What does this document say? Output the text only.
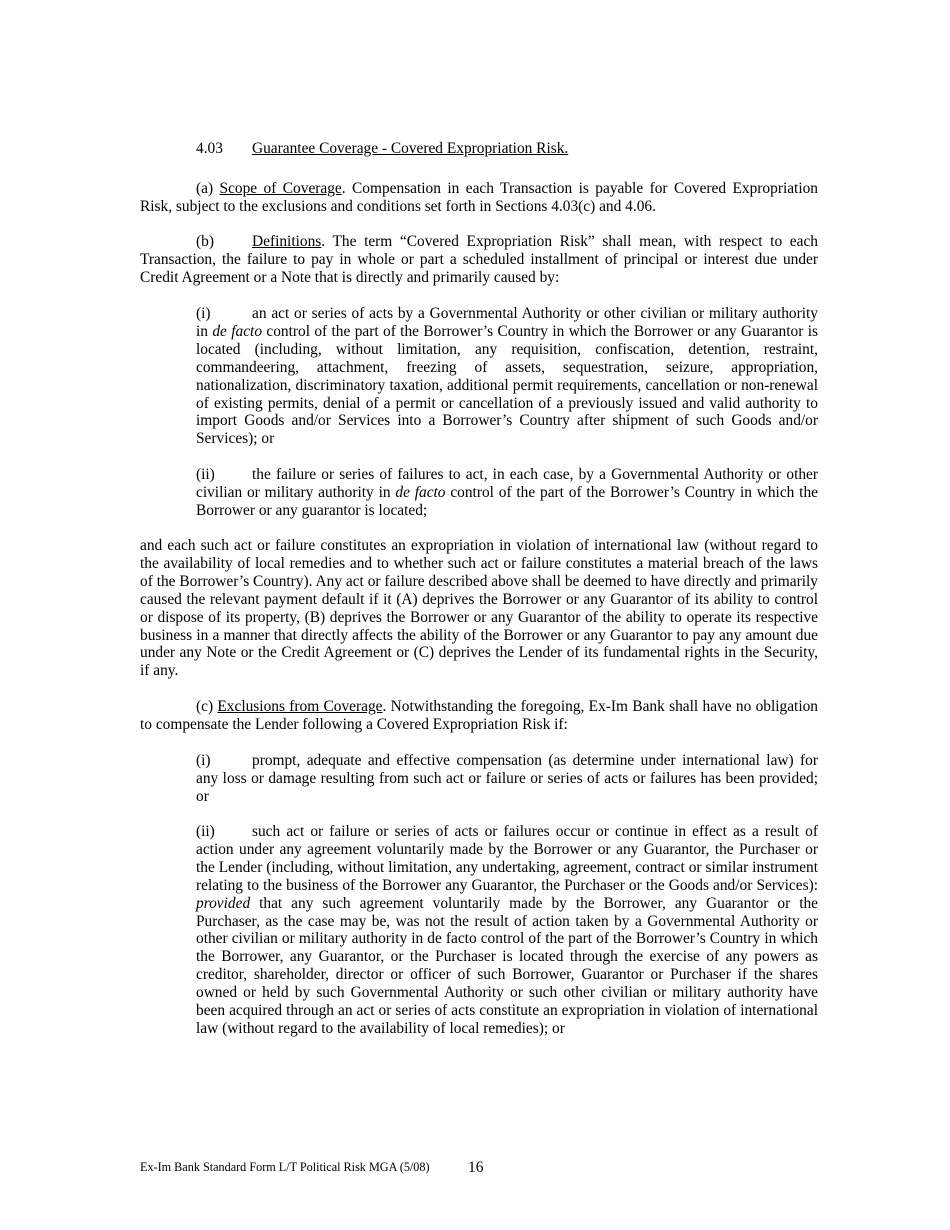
4.03 Guarantee Coverage - Covered Expropriation Risk.

(a) Scope of Coverage. Compensation in each Transaction is payable for Covered Expropriation Risk, subject to the exclusions and conditions set forth in Sections 4.03(c) and 4.06.

(b) Definitions. The term “Covered Expropriation Risk” shall mean, with respect to each Transaction, the failure to pay in whole or part a scheduled installment of principal or interest due under Credit Agreement or a Note that is directly and primarily caused by:

(i)	an act or series of acts by a Governmental Authority or other civilian or military authority in de facto control of the part of the Borrower’s Country in which the Borrower or any Guarantor is located (including, without limitation, any requisition, confiscation, detention, restraint, commandeering, attachment, freezing of assets, sequestration, seizure, appropriation, nationalization, discriminatory taxation, additional permit requirements, cancellation or non-renewal of existing permits, denial of a permit or cancellation of a previously issued and valid authority to import Goods and/or Services into a Borrower’s Country after shipment of such Goods and/or Services); or

(ii) the failure or series of failures to act, in each case, by a Governmental Authority or other civilian or military authority in de facto control of the part of the Borrower’s Country in which the Borrower or any guarantor is located;

and each such act or failure constitutes an expropriation in violation of international law (without regard to the availability of local remedies and to whether such act or failure constitutes a material breach of the laws of the Borrower’s Country). Any act or failure described above shall be deemed to have directly and primarily caused the relevant payment default if it (A) deprives the Borrower or any Guarantor of its ability to control or dispose of its property, (B) deprives the Borrower or any Guarantor of the ability to operate its respective business in a manner that directly affects the ability of the Borrower or any Guarantor to pay any amount due under any Note or the Credit Agreement or (C) deprives the Lender of its fundamental rights in the Security, if any.

(c) Exclusions from Coverage. Notwithstanding the foregoing, Ex-Im Bank shall have no obligation to compensate the Lender following a Covered Expropriation Risk if:

(i)	prompt, adequate and effective compensation (as determine under international law) for any loss or damage resulting from such act or failure or series of acts or failures has been provided; or

(ii) such act or failure or series of acts or failures occur or continue in effect as a result of action under any agreement voluntarily made by the Borrower or any Guarantor, the Purchaser or the Lender (including, without limitation, any undertaking, agreement, contract or similar instrument relating to the business of the Borrower any Guarantor, the Purchaser or the Goods and/or Services): provided that any such agreement voluntarily made by the Borrower, any Guarantor or the Purchaser, as the case may be, was not the result of action taken by a Governmental Authority or other civilian or military authority in de facto control of the part of the Borrower’s Country in which the Borrower, any Guarantor, or the Purchaser is located through the exercise of any powers as creditor, shareholder, director or officer of such Borrower, Guarantor or Purchaser if the shares owned or held by such Governmental Authority or such other civilian or military authority have been acquired through an act or series of acts constitute an expropriation in violation of international law (without regard to the availability of local remedies); or

Ex-Im Bank Standard Form L/T Political Risk MGA (5/08) 16
